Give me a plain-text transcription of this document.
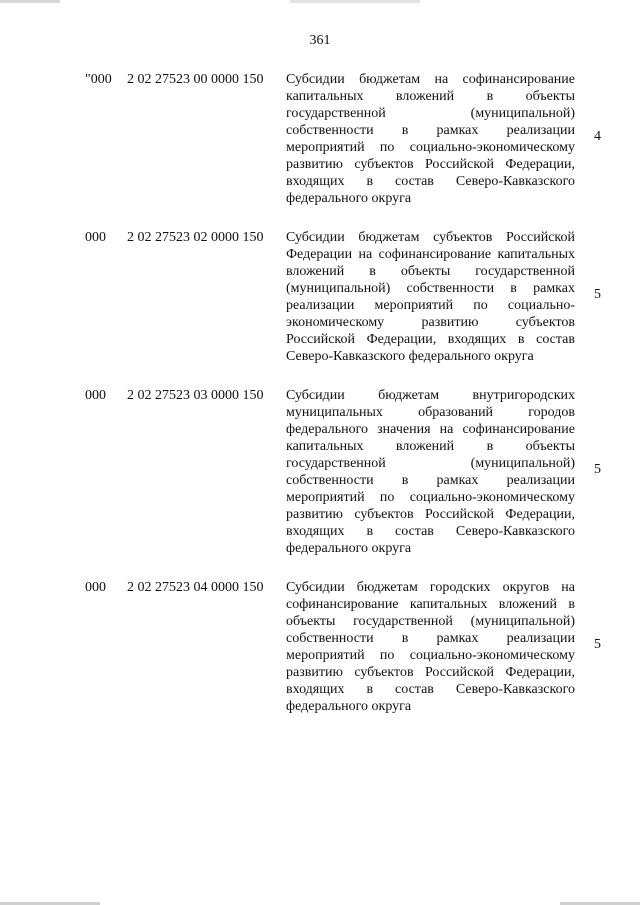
361
"000 2 02 27523 00 0000 150 Субсидии бюджетам на софинансирование капитальных вложений в объекты государственной (муниципальной) собственности в рамках реализации мероприятий по социально-экономическому развитию субъектов Российской Федерации, входящих в состав Северо-Кавказского федерального округа
4
000 2 02 27523 02 0000 150 Субсидии бюджетам субъектов Российской Федерации на софинансирование капитальных вложений в объекты государственной (муниципальной) собственности в рамках реализации мероприятий по социально-экономическому развитию субъектов Российской Федерации, входящих в состав Северо-Кавказского федерального округа
5
000 2 02 27523 03 0000 150 Субсидии бюджетам внутригородских муниципальных образований городов федерального значения на софинансирование капитальных вложений в объекты государственной (муниципальной) собственности в рамках реализации мероприятий по социально-экономическому развитию субъектов Российской Федерации, входящих в состав Северо-Кавказского федерального округа
5
000 2 02 27523 04 0000 150 Субсидии бюджетам городских округов на софинансирование капитальных вложений в объекты государственной (муниципальной) собственности в рамках реализации мероприятий по социально-экономическому развитию субъектов Российской Федерации, входящих в состав Северо-Кавказского федерального округа
5
